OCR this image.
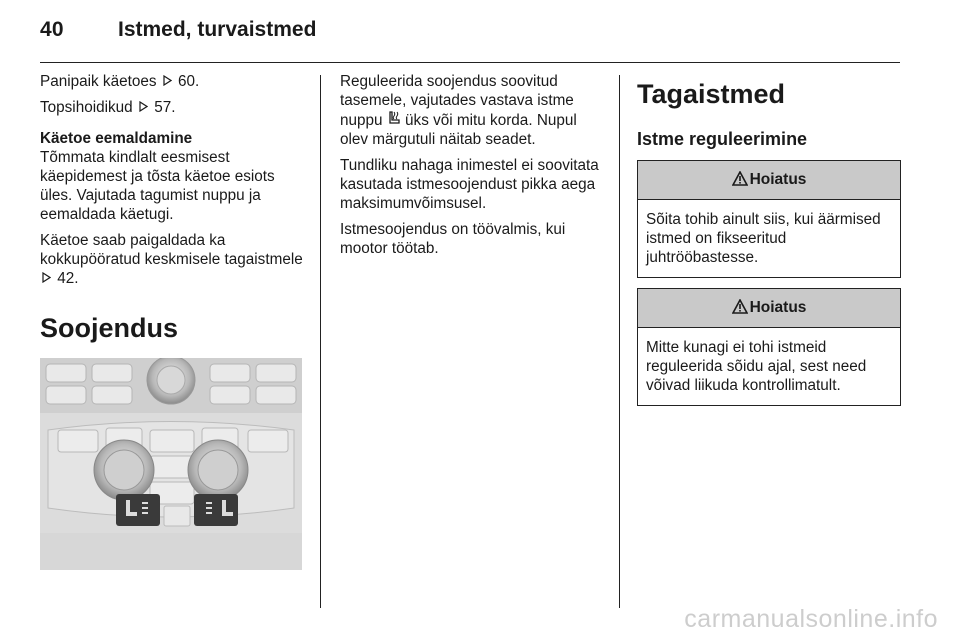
40	Istmed, turvaistmed

Panipaik käetoes 60.

Topsihoidikud 57.

Käetoe eemaldamine

Tõmmata kindlalt eesmisest käepidemest ja tõsta käetoe esiots üles. Vajutada tagumist nuppu ja eemaldada käetugi.

Käetoe saab paigaldada ka kokkupööratud keskmisele tagaistmele  42.

Soojendus

Reguleerida soojendus soovitud tasemele, vajutades vastava istme nuppu üks või mitu korda. Nupul olev märgutuli näitab seadet.

Tundliku nahaga inimestel ei soovitata kasutada istmesoojendust pikka aega maksimumvõimsusel.

Istmesoojendus on töövalmis, kui mootor töötab.

Tagaistmed
Istme reguleerimine
Hoiatus
Sõita tohib ainult siis, kui äärmised istmed on fikseeritud juhtrööbastesse.
Hoiatus
Mitte kunagi ei tohi istmeid reguleerida sõidu ajal, sest need võivad liikuda kontrollimatult.
carmanualsonline.info
